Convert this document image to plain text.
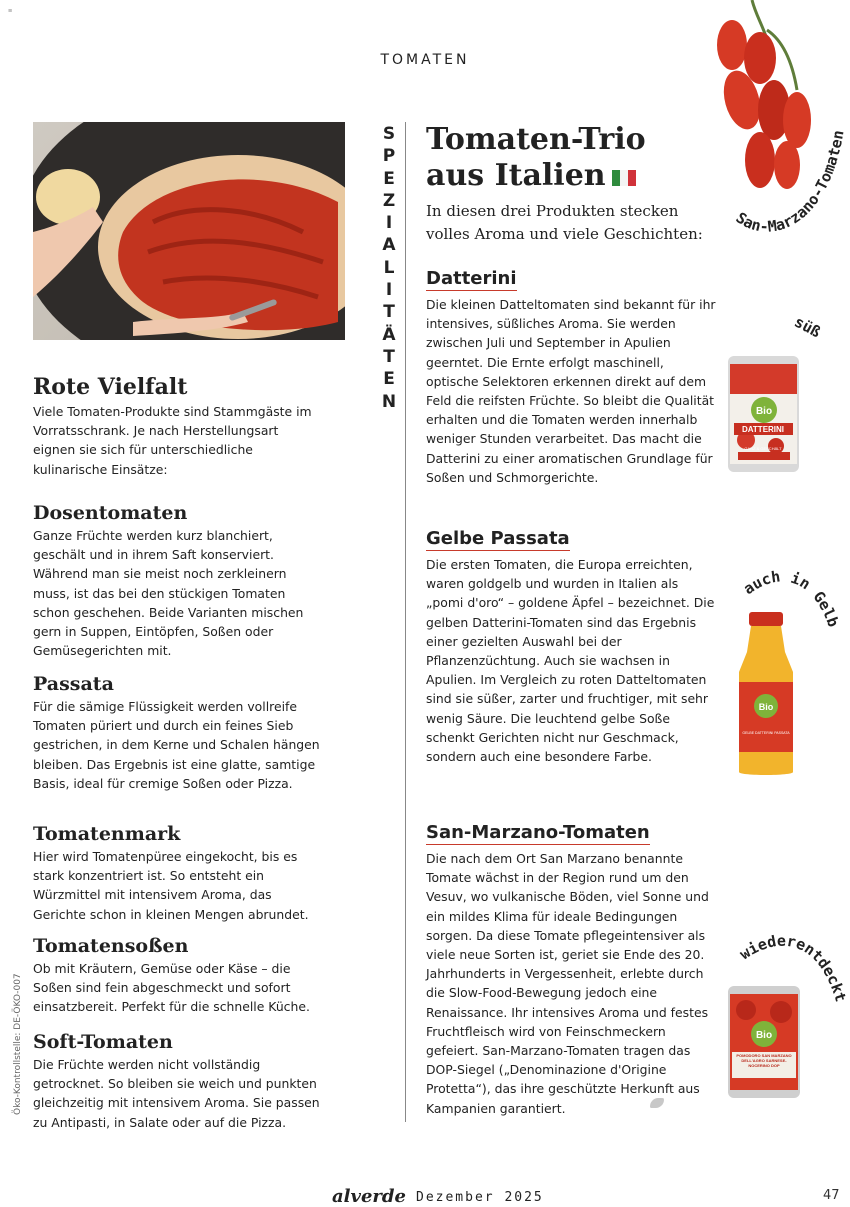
≡
TOMATEN
Rote Vielfalt

Viele Tomaten-Produkte sind Stammgäste im Vorratsschrank. Je nach Herstellungsart eignen sie sich für unterschiedliche kulinarische Einsätze:

Dosentomaten

Ganze Früchte werden kurz blanchiert, geschält und in ihrem Saft konserviert. Während man sie meist noch zerkleinern muss, ist das bei den stückigen Tomaten schon geschehen. Beide Varianten mischen gern in Suppen, Eintöpfen, Soßen oder Gemüsegerichten mit.

Passata

Für die sämige Flüssigkeit werden vollreife Tomaten püriert und durch ein feines Sieb gestrichen, in dem Kerne und Schalen hängen bleiben. Das Ergebnis ist eine glatte, samtige Basis, ideal für cremige Soßen oder Pizza.

Tomatenmark

Hier wird Tomatenpüree eingekocht, bis es stark konzentriert ist. So entsteht ein Würzmittel mit intensivem Aroma, das Gerichte schon in kleinen Mengen abrundet.

Tomatensoßen

Ob mit Kräutern, Gemüse oder Käse – die Soßen sind fein abgeschmeckt und sofort einsatzbereit. Perfekt für die schnelle Küche.

Soft-Tomaten

Die Früchte werden nicht vollständig getrocknet. So bleiben sie weich und punkten gleichzeitig mit intensivem Aroma. Sie passen zu Antipasti, in Salate oder auf die Pizza.

S
P
E
Z
I
A
L
I
T
Ä
T
E
N
Tomaten-Trio
aus Italien

In diesen drei Produkten stecken volles Aroma und viele Geschichten:

Datterini

Die kleinen Datteltomaten sind bekannt für ihr intensives, süßliches Aroma. Sie werden zwischen Juli und September in Apulien geerntet. Die Ernte erfolgt maschinell, optische Selektoren erkennen direkt auf dem Feld die reifsten Früchte. So bleibt die Qualität erhalten und die Tomaten werden innerhalb weniger Stunden verarbeitet. Das macht die Datterini zu einer aromatischen Grundlage für Soßen und Schmorgerichte.

Gelbe Passata

Die ersten Tomaten, die Europa erreichten, waren goldgelb und wurden in Italien als „pomi d'oro“ – goldene Äpfel – bezeichnet. Die gelben Datterini-Tomaten sind das Ergebnis einer gezielten Auswahl bei der Pflanzenzüchtung. Auch sie wachsen in Apulien. Im Vergleich zu roten Datteltomaten sind sie süßer, zarter und fruchtiger, mit sehr wenig Säure. Die leuchtend gelbe Soße schenkt Gerichten nicht nur Geschmack, sondern auch eine besondere Farbe.

San-Marzano-Tomaten

Die nach dem Ort San Marzano benannte Tomate wächst in der Region rund um den Vesuv, wo vulkanische Böden, viel Sonne und ein mildes Klima für ideale Bedingungen sorgen. Da diese Tomate pflegeintensiver als viele neue Sorten ist, geriet sie Ende des 20. Jahrhunderts in Vergessenheit, erlebte durch die Slow-Food-Bewegung jedoch eine Renaissance. Ihr intensives Aroma und festes Fruchtfleisch wird von Feinschmeckern gefeiert. San-Marzano-Tomaten tragen das DOP-Siegel („Denominazione d'Origine Protetta“), das ihre geschützte Herkunft aus Kampanien garantiert.

San-Marzano-Tomaten
süß
Bio
DATTERINI
GANZ & GESCHÄLT
auch in Gelb
Bio
GELBE DATTERINI PASSATA
wiederentdeckt
Bio
POMODORO SAN MARZANO DELL'AGRO SARNESE-NOCERINO DOP
Öko-Kontrollstelle: DE-ÖKO-007
alverde Dezember 2025	47
